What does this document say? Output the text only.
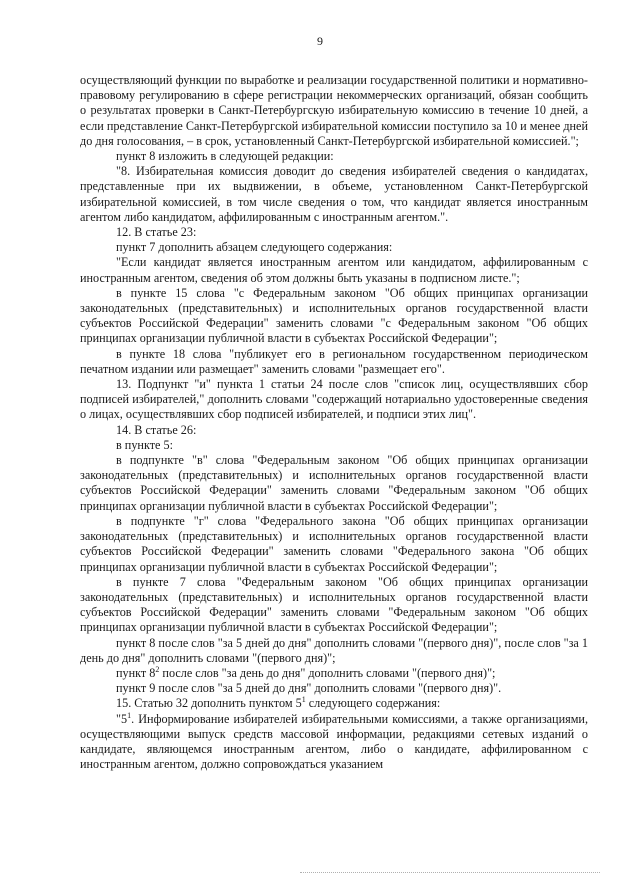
9

осуществляющий функции по выработке и реализации государственной политики и нормативно-правовому регулированию в сфере регистрации некоммерческих организаций, обязан сообщить о результатах проверки в Санкт-Петербургскую избирательную комиссию в течение 10 дней, а если представление Санкт-Петербургской избирательной комиссии поступило за 10 и менее дней до дня голосования, – в срок, установленный Санкт-Петербургской избирательной комиссией.";

пункт 8 изложить в следующей редакции:

"8. Избирательная комиссия доводит до сведения избирателей сведения о кандидатах, представленные при их выдвижении, в объеме, установленном Санкт-Петербургской избирательной комиссией, в том числе сведения о том, что кандидат является иностранным агентом либо кандидатом, аффилированным с иностранным агентом.".

12. В статье 23:

пункт 7 дополнить абзацем следующего содержания:

"Если кандидат является иностранным агентом или кандидатом, аффилированным с иностранным агентом, сведения об этом должны быть указаны в подписном листе.";

в пункте 15 слова "с Федеральным законом "Об общих принципах организации законодательных (представительных) и исполнительных органов государственной власти субъектов Российской Федерации" заменить словами "с Федеральным законом "Об общих принципах организации публичной власти в субъектах Российской Федерации";

в пункте 18 слова "публикует его в региональном государственном периодическом печатном издании или размещает" заменить словами "размещает его".

13. Подпункт "и" пункта 1 статьи 24 после слов "список лиц, осуществлявших сбор подписей избирателей," дополнить словами "содержащий нотариально удостоверенные сведения о лицах, осуществлявших сбор подписей избирателей, и подписи этих лиц".

14. В статье 26:

в пункте 5:

в подпункте "в" слова "Федеральным законом "Об общих принципах организации законодательных (представительных) и исполнительных органов государственной власти субъектов Российской Федерации" заменить словами "Федеральным законом "Об общих принципах организации публичной власти в субъектах Российской Федерации";

в подпункте "г" слова "Федерального закона "Об общих принципах организации законодательных (представительных) и исполнительных органов государственной власти субъектов Российской Федерации" заменить словами "Федерального закона "Об общих принципах организации публичной власти в субъектах Российской Федерации";

в пункте 7 слова "Федеральным законом "Об общих принципах организации законодательных (представительных) и исполнительных органов государственной власти субъектов Российской Федерации" заменить словами "Федеральным законом "Об общих принципах организации публичной власти в субъектах Российской Федерации";

пункт 8 после слов "за 5 дней до дня" дополнить словами "(первого дня)", после слов "за 1 день до дня" дополнить словами "(первого дня)";

пункт $8^2$ после слов "за день до дня" дополнить словами "(первого дня)";

пункт 9 после слов "за 5 дней до дня" дополнить словами "(первого дня)".

15. Статью 32 дополнить пунктом $5^1$ следующего содержания:

"$5^1$. Информирование избирателей избирательными комиссиями, а также организациями, осуществляющими выпуск средств массовой информации, редакциями сетевых изданий о кандидате, являющемся иностранным агентом, либо о кандидате, аффилированном с иностранным агентом, должно сопровождаться указанием
